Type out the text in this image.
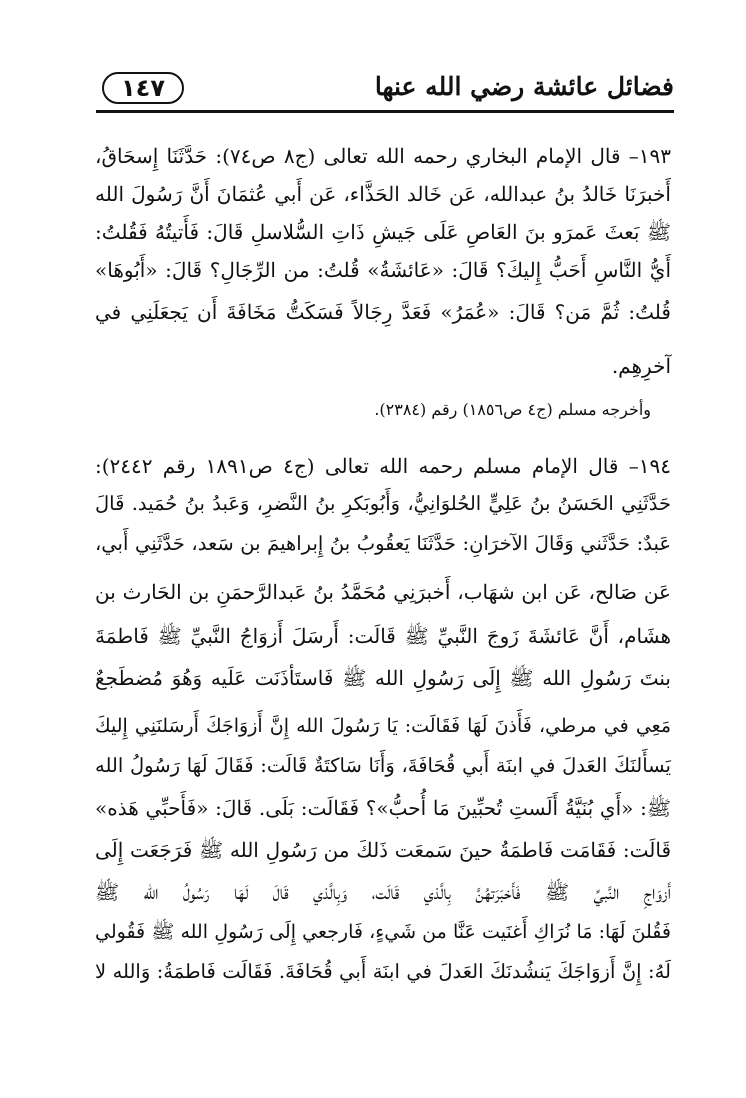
فضائل عائشة رضي الله عنها
١٤٧
١٩٣– قال الإمام البخاري رحمه الله تعالى (ج٨ ص٧٤): حَدَّثَنَا إِسحَاقُ،
أَخبرَنَا خَالدُ بنُ عبدالله، عَن خَالد الحَذَّاء، عَن أَبي عُثمَانَ أَنَّ رَسُولَ الله
ﷺ بَعثَ عَمرَو بنَ العَاصِ عَلَى جَيشِ ذَاتِ السُّلاسلِ قَالَ: فَأَتيتُهُ فَقُلتُ:
أَيُّ النَّاسِ أَحَبُّ إِليكَ؟ قَالَ: «عَائشَةُ» قُلتُ: من الرِّجَالِ؟ قَالَ: «أَبُوهَا»
قُلتُ: ثُمَّ مَن؟ قَالَ: «عُمَرُ» فَعَدَّ رِجَالاً فَسَكَتُّ مَخَافَةَ أَن يَجعَلَنِي في
آخرِهِم.
وأخرجه مسلم (ج٤ ص١٨٥٦) رقم (٢٣٨٤).
١٩٤– قال الإمام مسلم رحمه الله تعالى (ج٤ ص١٨٩١ رقم ٢٤٤٢):
حَدَّثَنِي الحَسَنُ بنُ عَلِيٍّ الحُلوَانِيُّ، وَأَبُوبَكرِ بنُ النَّضرِ، وَعَبدُ بنُ حُمَيد. قَالَ
عَبدٌ: حَدَّثَني وَقَالَ الآخرَانِ: حَدَّثَنَا يَعقُوبُ بنُ إِبراهيمَ بن سَعد، حَدَّثَنِي أَبي،
عَن صَالح، عَن ابن شهَاب، أَخبرَنِي مُحَمَّدُ بنُ عَبدالرَّحمَنِ بن الحَارث بن
هشَام، أَنَّ عَائشَةَ زَوجَ النَّبيِّ ﷺ قَالَت: أَرسَلَ أَزوَاجُ النَّبيِّ ﷺ فَاطمَةَ
بنتَ رَسُولِ الله ﷺ إِلَى رَسُولِ الله ﷺ فَاستَأذَنَت عَلَيه وَهُوَ مُضطَجعٌ
مَعِي في مرطي، فَأَذنَ لَهَا فَقَالَت: يَا رَسُولَ الله إِنَّ أَزوَاجَكَ أَرسَلنَنِي إِليكَ
يَسأَلنَكَ العَدلَ في ابنَة أَبي قُحَافَةَ، وَأَنَا سَاكتَةٌ قَالَت: فَقَالَ لَهَا رَسُولُ الله
ﷺ: «أَي بُنَيَّةُ أَلَستِ تُحبِّينَ مَا أُحبُّ»؟ فَقَالَت: بَلَى. قَالَ: «فَأَحبِّي هَذه»
قَالَت: فَقَامَت فَاطمَةُ حينَ سَمعَت ذَلكَ من رَسُولِ الله ﷺ فَرَجَعَت إِلَى
أَزوَاجِ النَّبيِّ ﷺ فَأَخبَرَتهُنَّ بِالَّذي قَالَت، وَبِالَّذي قَالَ لَهَا رَسُولُ الله ﷺ
فَقُلنَ لَهَا: مَا نُرَاكِ أَغنَيت عَنَّا من شَيءٍ، فَارجعي إِلَى رَسُولِ الله ﷺ فَقُولي
لَهُ: إِنَّ أَزوَاجَكَ يَنشُدنَكَ العَدلَ في ابنَة أَبي قُحَافَةَ. فَقَالَت فَاطمَةُ: وَالله لا
